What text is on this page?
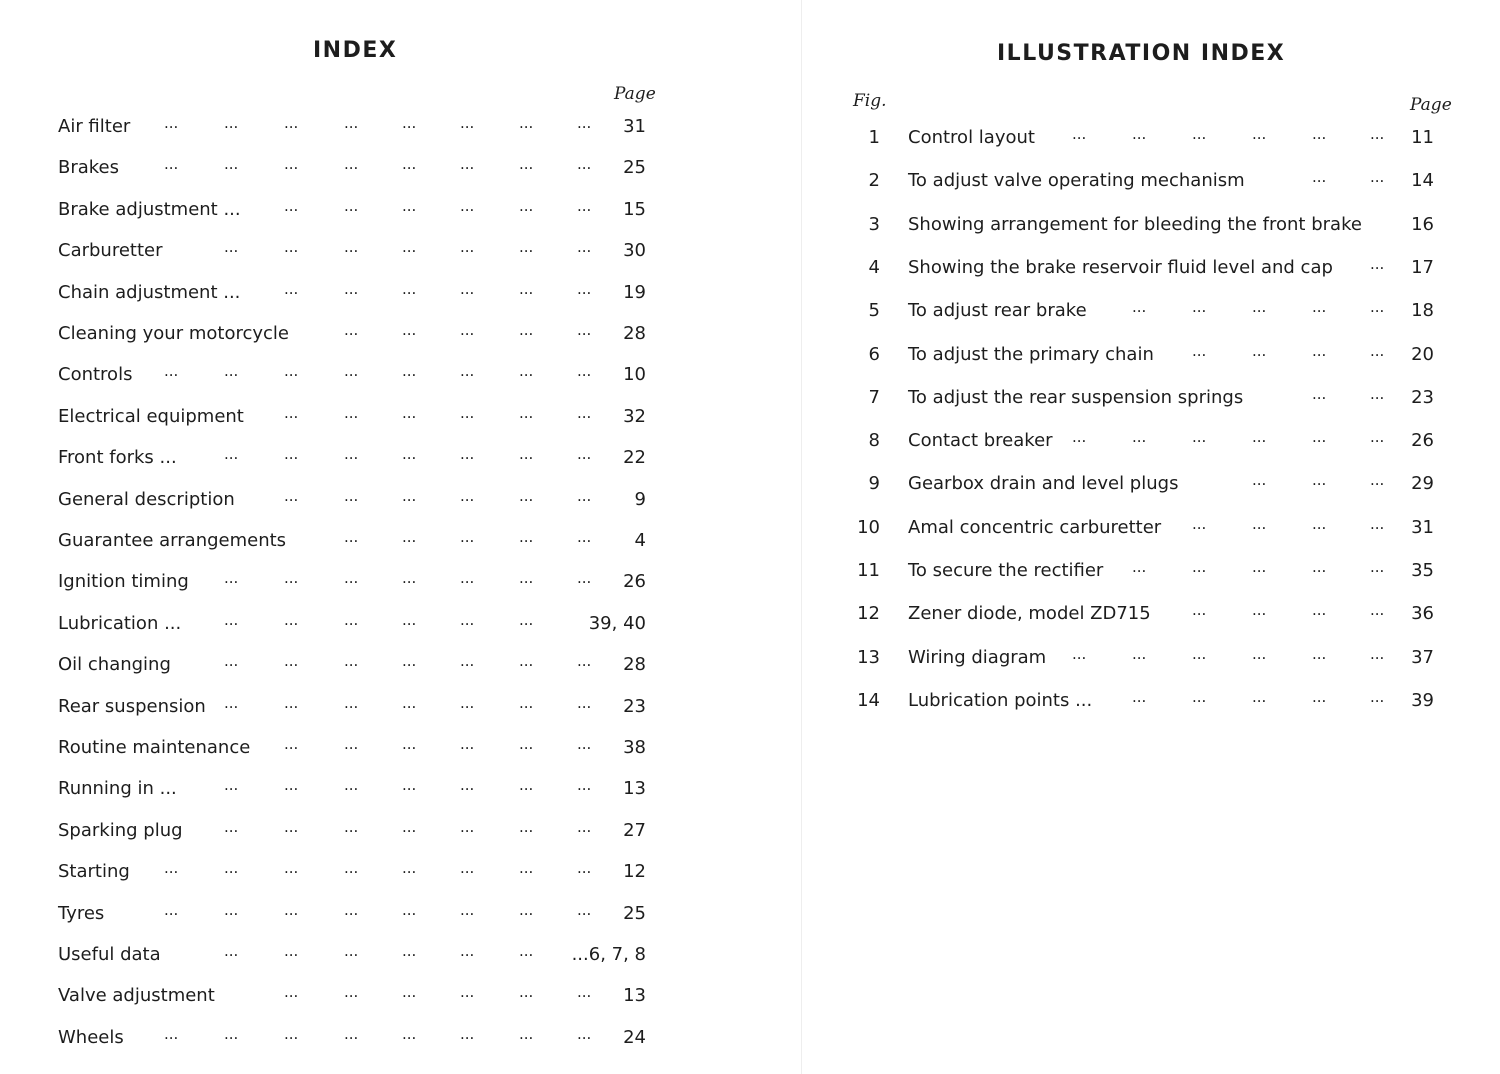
INDEX
Page
Air filter	31
...	...	...	...	...	...	...	...
Brakes	25
...	...	...	...	...	...	...	...
Brake adjustment ...	15
...	...	...	...	...	...
Carburetter	30
...	...	...	...	...	...	...
Chain adjustment ...	19
...	...	...	...	...	...
Cleaning your motorcycle	28
...	...	...	...	...
Controls	10
...	...	...	...	...	...	...	...
Electrical equipment	32
...	...	...	...	...	...
Front forks ...	22
...	...	...	...	...	...	...
General description	9
...	...	...	...	...	...
Guarantee arrangements	4
...	...	...	...	...
Ignition timing	26
...	...	...	...	...	...	...
Lubrication ...	39, 40
...	...	...	...	...	...
Oil changing	28
...	...	...	...	...	...	...
Rear suspension	23
...	...	...	...	...	...	...
Routine maintenance	38
...	...	...	...	...	...
Running in ...	13
...	...	...	...	...	...	...
Sparking plug	27
...	...	...	...	...	...	...
Starting	12
...	...	...	...	...	...	...	...
Tyres	25
...	...	...	...	...	...	...	...
Useful data	...6, 7, 8
...	...	...	...	...	...
Valve adjustment	13
...	...	...	...	...	...
Wheels	24
...	...	...	...	...	...	...	...
ILLUSTRATION INDEX
Fig.	Page
1 Control layout	11
...	...	...	...	...	...
2 To adjust valve operating mechanism	14
...	...
3 Showing arrangement for bleeding the front brake	16
4 Showing the brake reservoir fluid level and cap	17
...
5 To adjust rear brake	18
...	...	...	...	...
6 To adjust the primary chain	20
...	...	...	...
7 To adjust the rear suspension springs	23
...	...
8 Contact breaker	26
...	...	...	...	...	...
9 Gearbox drain and level plugs	29
...	...	...
10 Amal concentric carburetter	31
...	...	...	...
11 To secure the rectifier	35
...	...	...	...	...
12 Zener diode, model ZD715	36
...	...	...	...
13 Wiring diagram	37
...	...	...	...	...	...
14 Lubrication points ...	39
...	...	...	...	...
